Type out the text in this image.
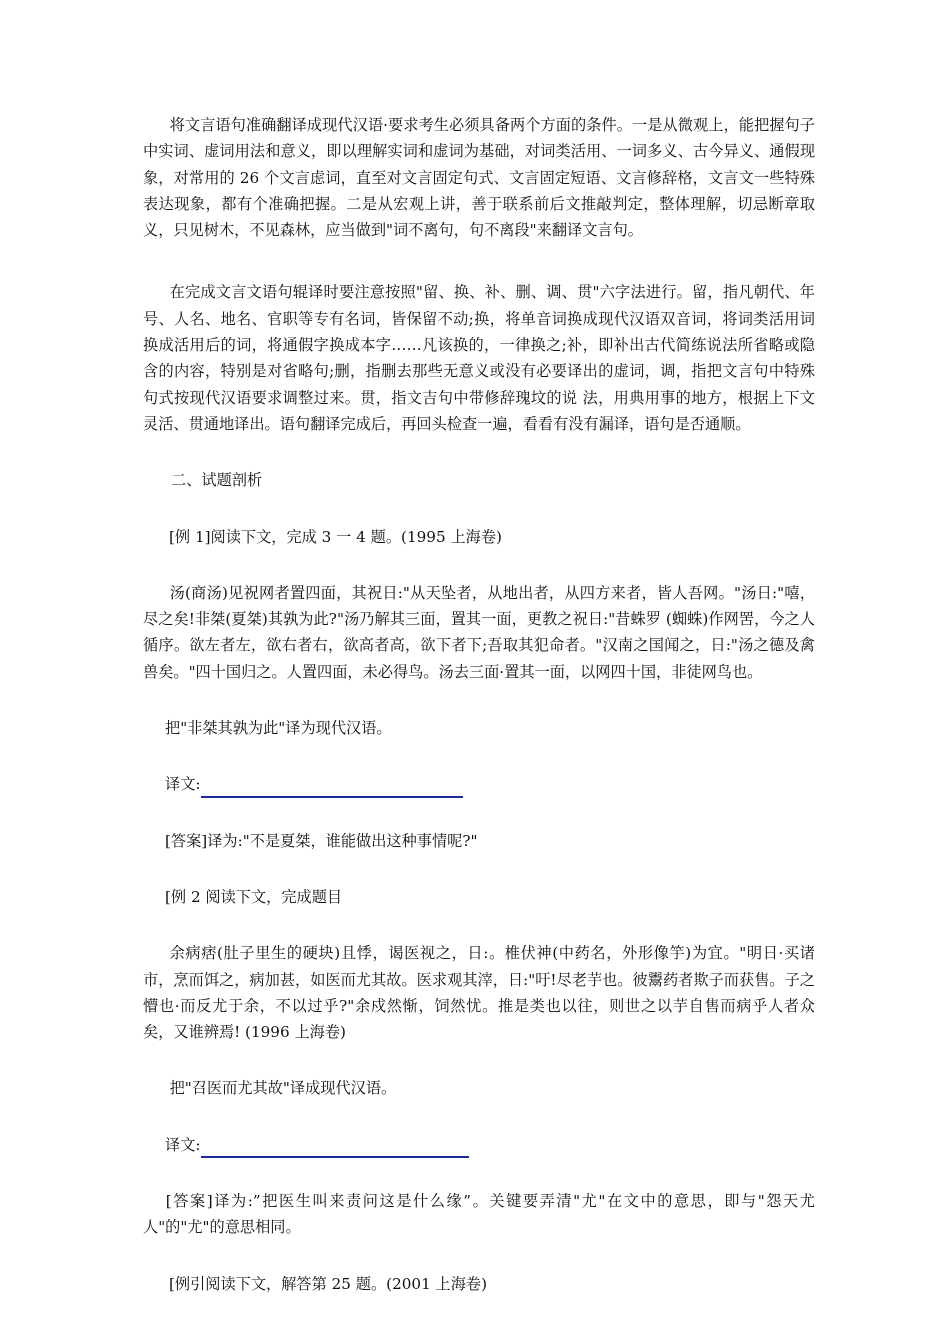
将文言语句准确翻译成现代汉语·要求考生必须具备两个方面的条件。一是从微观上，能把握句子中实词、虚词用法和意义，即以理解实词和虚词为基础，对词类活用、一词多义、古今异义、通假现象，对常用的 26 个文言虑词，直至对文言固定句式、文言固定短语、文言修辞格，文言文一些特殊表达现象，都有个准确把握。二是从宏观上讲，善于联系前后文推敲判定，整体理解，切忌断章取义，只见树木，不见森林，应当做到"词不离句，句不离段"来翻译文言句。

在完成文言文语句辊译时要注意按照"留、换、补、删、调、贯"六字法进行。留，指凡朝代、年号、人名、地名、官职等专有名词，皆保留不动;换，将单音词换成现代汉语双音词，将词类活用词换成活用后的词，将通假字换成本字……凡该换的，一律换之;补，即补出古代简练说法所省略或隐含的内容，特别是对省略句;删，指删去那些无意义或没有必要译出的虚词，调，指把文言句中特殊句式按现代汉语要求调整过来。贯，指文吉句中带修辞瑰坟的说 法，用典用事的地方，根据上下文灵活、贯通地译出。语句翻译完成后，再回头检查一遍，看看有没有漏译，语句是否通顺。

二、试题剖析

[例 1]阅读下文，完成 3 一 4 题。(1995 上海卷)

汤(商汤)见祝网者置四面，其祝日:"从天坠者，从地出者，从四方来者，皆人吾网。"汤日:"嘻，尽之矣!非桀(夏桀)其孰为此?"汤乃解其三面，置其一面，更教之祝日:"昔蛛罗 (蜘蛛)作网罟，今之人循序。欲左者左，欲右者右，欲高者高，欲下者下;吾取其犯命者。"汉南之国闻之，日:"汤之德及禽兽矣。"四十国归之。人置四面，未必得鸟。汤去三面·置其一面，以网四十国，非徒网鸟也。

把"非桀其孰为此"译为现代汉语。

译文:

[答案]译为:"不是夏桀，谁能做出这种事情呢?"

[例 2 阅读下文，完成题目

余病痞(肚子里生的硬块)且悸，谒医视之，日:。椎伏神(中药名，外形像竽)为宜。"明日·买诸市，烹而饵之，病加甚，如医而尤其故。医求观其滓，日:"吁!尽老芋也。彼鬻药者欺子而获售。子之懵也·而反尤于余，不以过乎?"余戍然惭，饲然忧。推是类也以往，则世之以芋自售而病乎人者众矣，又谁辨焉! (1996 上海卷)

把"召医而尤其故"译成现代汉语。

译文:

[答案]译为:”把医生叫来责问这是什么缘”。关键要弄清"尤"在文中的意思，即与"怨天尤人"的"尤"的意思相同。

[例引阅读下文，解答第 25 题。(2001 上海卷)
